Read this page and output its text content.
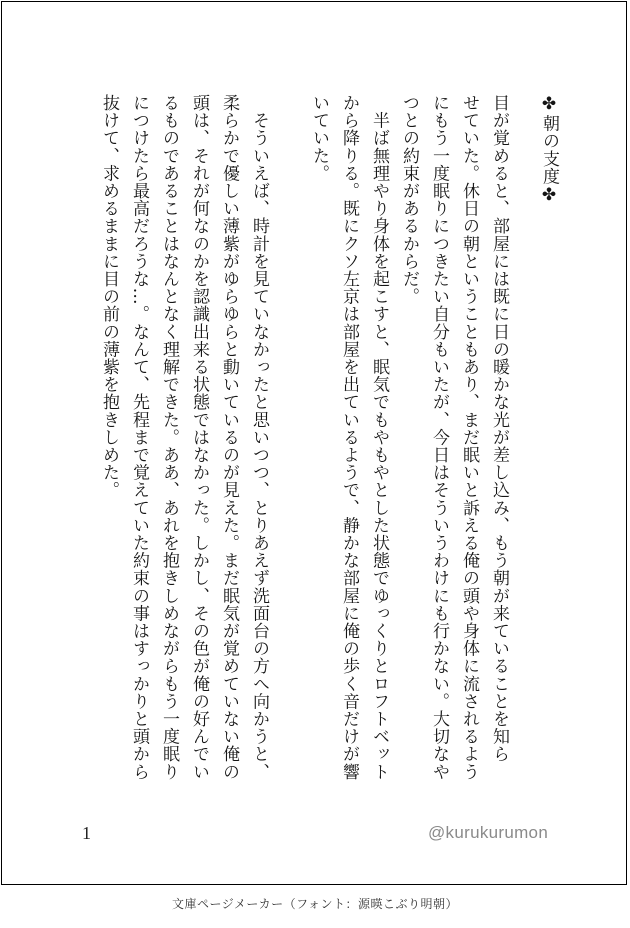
✤朝の支度✤
目が覚めると、部屋には既に日の暖かな光が差し込み、もう朝が来ていることを知ら
せていた。休日の朝ということもあり、まだ眠いと訴える俺の頭や身体に流されるよう
にもう一度眠りにつきたい自分もいたが、今日はそういうわけにも行かない。大切なや
つとの約束があるからだ。
　半ば無理やり身体を起こすと、眠気でもやもやとした状態でゆっくりとロフトベット
から降りる。既にクソ左京は部屋を出ているようで、静かな部屋に俺の歩く音だけが響
いていた。
　そういえば、時計を見ていなかったと思いつつ、とりあえず洗面台の方へ向かうと、
柔らかで優しい薄紫がゆらゆらと動いているのが見えた。まだ眠気が覚めていない俺の
頭は、それが何なのかを認識出来る状態ではなかった。しかし、その色が俺の好んでい
るものであることはなんとなく理解できた。ああ、あれを抱きしめながらもう一度眠り
につけたら最高だろうな…。なんて、先程まで覚えていた約束の事はすっかりと頭から
抜けて、求めるままに目の前の薄紫を抱きしめた。
1	@kurukurumon
文庫ページメーカー（フォント：源暎こぶり明朝）
